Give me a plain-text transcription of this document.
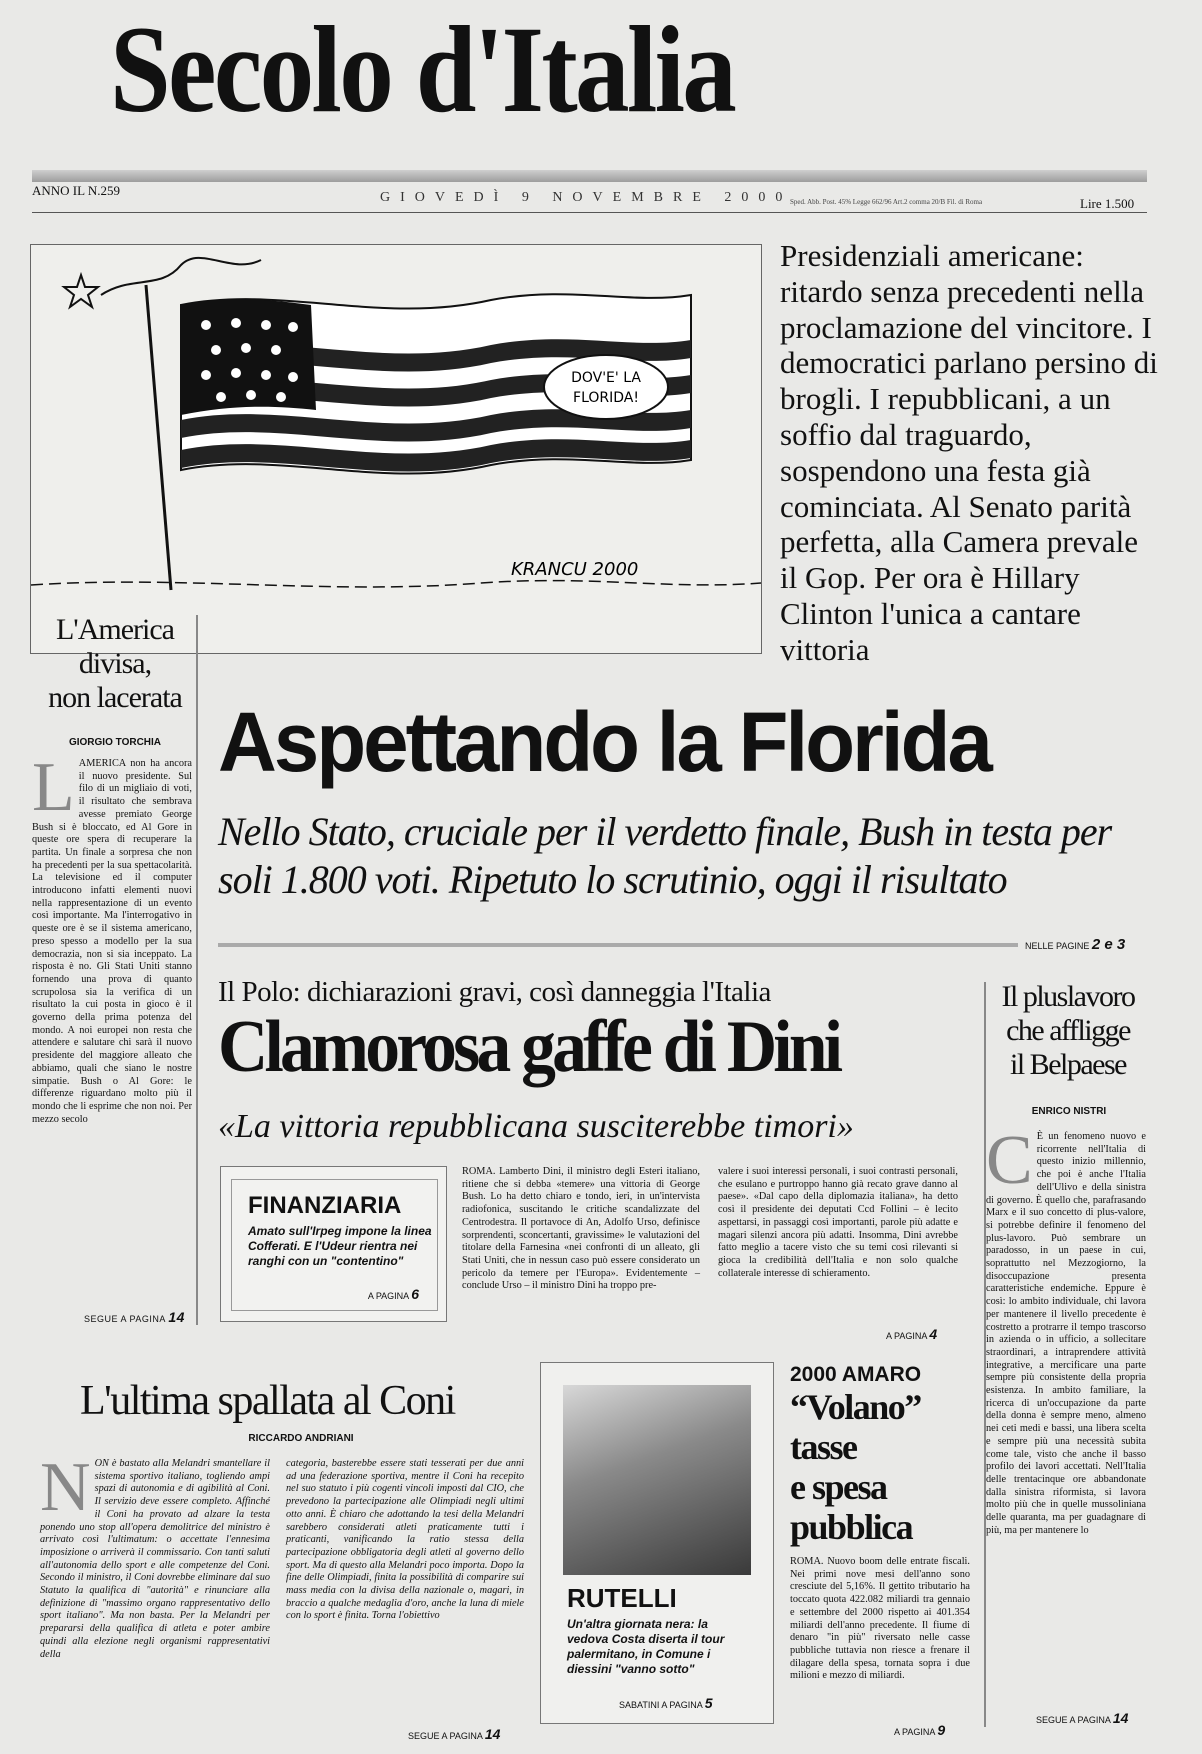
Secolo d'Italia
ANNO IL N.259	GIOVEDÌ 9 NOVEMBRE 2000
Sped. Abb. Post. 45% Legge 662/96 Art.2 comma 20/B Fil. di Roma	Lire 1.500
DOV'E' LA
FLORIDA!
KRANCU 2000
Presidenziali americane: ritardo senza precedenti nella proclamazione del vincitore. I democratici parlano persino di brogli. I repubblicani, a un soffio dal traguardo, sospendono una festa già cominciata. Al Senato parità perfetta, alla Camera prevale il Gop. Per ora è Hillary Clinton l'unica a cantare vittoria
L'America
divisa,
non lacerata
GIORGIO TORCHIA
LAMERICA non ha ancora il nuovo presidente. Sul filo di un migliaio di voti, il risultato che sembrava avesse premiato George Bush si è bloccato, ed Al Gore in queste ore spera di recuperare la partita. Un finale a sorpresa che non ha precedenti per la sua spettacolarità. La televisione ed il computer introducono infatti elementi nuovi nella rappresentazione di un evento così importante. Ma l'interrogativo in queste ore è se il sistema americano, preso spesso a modello per la sua democrazia, non si sia inceppato. La risposta è no. Gli Stati Uniti stanno fornendo una prova di quanto scrupolosa sia la verifica di un risultato la cui posta in gioco è il governo della prima potenza del mondo. A noi europei non resta che attendere e salutare chi sarà il nuovo presidente del maggiore alleato che abbiamo, quali che siano le nostre simpatie. Bush o Al Gore: le differenze riguardano molto più il mondo che li esprime che non noi. Per mezzo secolo
SEGUE A PAGINA 14
Aspettando la Florida
Nello Stato, cruciale per il verdetto finale, Bush in testa per soli 1.800 voti. Ripetuto lo scrutinio, oggi il risultato
NELLE PAGINE 2 e 3
Il Polo: dichiarazioni gravi, così danneggia l'Italia
Clamorosa gaffe di Dini
«La vittoria repubblicana susciterebbe timori»
FINANZIARIA
Amato sull'Irpeg impone la linea Cofferati. E l'Udeur rientra nei ranghi con un "contentino"
A PAGINA 6
ROMA. Lamberto Dini, il ministro degli Esteri italiano, ritiene che si debba «temere» una vittoria di George Bush. Lo ha detto chiaro e tondo, ieri, in un'intervista radiofonica, suscitando le critiche scandalizzate del Centrodestra. Il portavoce di An, Adolfo Urso, definisce sorprendenti, sconcertanti, gravissime» le valutazioni del titolare della Farnesina «nei confronti di un alleato, gli Stati Uniti, che in nessun caso può essere considerato un pericolo da temere per l'Europa». Evidentemente – conclude Urso – il ministro Dini ha troppo pre-
valere i suoi interessi personali, i suoi contrasti personali, che esulano e purtroppo hanno già recato grave danno al paese». «Dal capo della diplomazia italiana», ha detto così il presidente dei deputati Ccd Follini – è lecito aspettarsi, in passaggi così importanti, parole più adatte e magari silenzi ancora più adatti. Insomma, Dini avrebbe fatto meglio a tacere visto che su temi così rilevanti si gioca la credibilità dell'Italia e non solo qualche collaterale interesse di schieramento.
A PAGINA 4
Il pluslavoro
che affligge
il Belpaese
ENRICO NISTRI
C È un fenomeno nuovo e ricorrente nell'Italia di questo inizio millennio, che poi è anche l'Italia dell'Ulivo e della sinistra di governo. È quello che, parafrasando Marx e il suo concetto di plus-valore, si potrebbe definire il fenomeno del plus-lavoro. Può sembrare un paradosso, in un paese in cui, soprattutto nel Mezzogiorno, la disoccupazione presenta caratteristiche endemiche. Eppure è così: lo ambito individuale, chi lavora per mantenere il livello precedente è costretto a protrarre il tempo trascorso in azienda o in ufficio, a sollecitare straordinari, a intraprendere attività integrative, a mercificare una parte sempre più consistente della propria esistenza. In ambito familiare, la ricerca di un'occupazione da parte della donna è sempre meno, almeno nei ceti medi e bassi, una libera scelta e sempre più una necessità subita come tale, visto che anche il basso profilo dei lavori accettati. Nell'Italia delle trentacinque ore abbandonate dalla sinistra riformista, si lavora molto più che in quelle mussoliniana delle quaranta, ma per guadagnare di più, ma per mantenere lo
SEGUE A PAGINA 14
L'ultima spallata al Coni
RICCARDO ANDRIANI
NON è bastato alla Melandri smantellare il sistema sportivo italiano, togliendo ampi spazi di autonomia e di agibilità al Coni. Il servizio deve essere completo. Affinché il Coni ha provato ad alzare la testa ponendo uno stop all'opera demolitrice del ministro è arrivato così l'ultimatum: o accettate l'ennesima imposizione o arriverà il commissario. Con tanti saluti all'autonomia dello sport e alle competenze del Coni. Secondo il ministro, il Coni dovrebbe eliminare dal suo Statuto la qualifica di "autorità" e rinunciare alla definizione di "massimo organo rappresentativo dello sport italiano". Ma non basta. Per la Melandri per prepararsi della qualifica di atleta e poter ambire quindi alla elezione negli organismi rappresentativi della
categoria, basterebbe essere stati tesserati per due anni ad una federazione sportiva, mentre il Coni ha recepito nel suo statuto i più cogenti vincoli imposti dal CIO, che prevedono la partecipazione alle Olimpiadi negli ultimi otto anni. È chiaro che adottando la tesi della Melandri sarebbero considerati atleti praticamente tutti i praticanti, vanificando la ratio stessa della partecipazione obbligatoria degli atleti al governo dello sport. Ma di questo alla Melandri poco importa. Dopo la fine delle Olimpiadi, finita la possibilità di comparire sui mass media con la divisa della nazionale o, magari, in braccio a qualche medaglia d'oro, anche la luna di miele con lo sport è finita. Torna l'obiettivo
SEGUE A PAGINA 14
RUTELLI
Un'altra giornata nera: la vedova Costa diserta il tour palermitano, in Comune i diessini "vanno sotto"
SABATINI A PAGINA 5
2000 AMARO
“Volano”
tasse
e spesa
pubblica
ROMA. Nuovo boom delle entrate fiscali. Nei primi nove mesi dell'anno sono cresciute del 5,16%. Il gettito tributario ha toccato quota 422.082 miliardi tra gennaio e settembre del 2000 rispetto ai 401.354 miliardi dell'anno precedente. Il fiume di denaro "in più" riversato nelle casse pubbliche tuttavia non riesce a frenare il dilagare della spesa, tornata sopra i due milioni e mezzo di miliardi.
A PAGINA 9
